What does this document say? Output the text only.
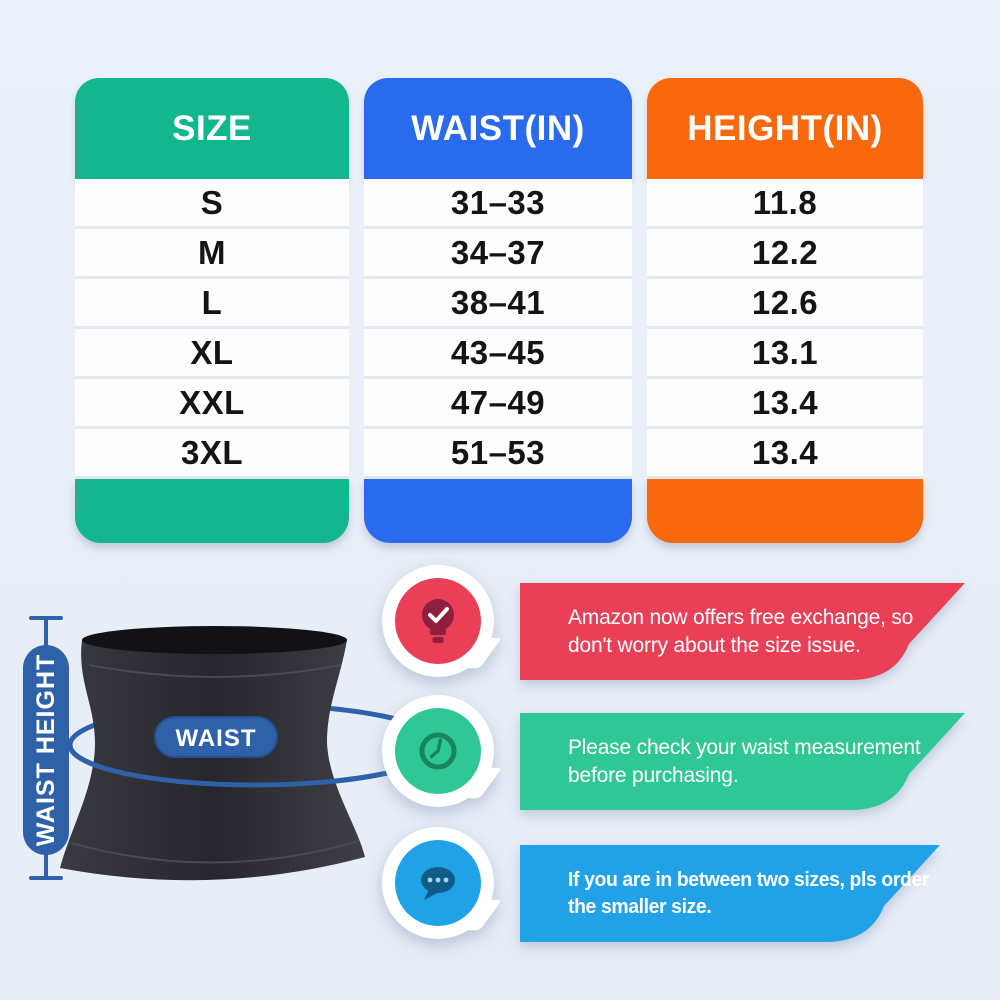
SIZE
S
M
L
XL
XXL
3XL
WAIST(IN)
31–33
34–37
38–41
43–45
47–49
51–53
HEIGHT(IN)
11.8
12.2
12.6
13.1
13.4
13.4
WAIST HEIGHT	WAIST
Amazon now offers free exchange, so
don't worry about the size issue.
Please check your waist measurement
before purchasing.
If you are in between two sizes, pls order
the smaller size.
